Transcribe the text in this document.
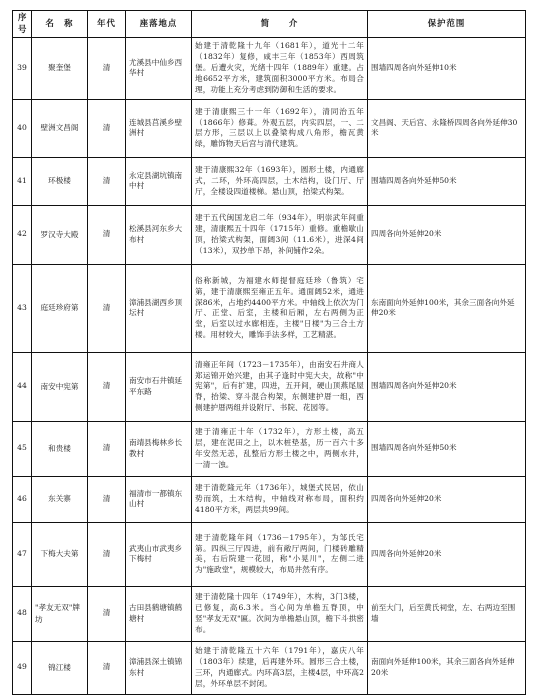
序号	名　称	年代	座落地点	简　　介	保护范围
39	聚奎堡	清	尤溪县中仙乡西华村	始建于清乾隆十九年（1681年），道光十二年（1832年）复修，咸丰三年（1853年）西周筑堡。后遭火灾，光绪十四年（1889年）重建。占地6652平方米，建筑面积3000平方米。布局合理，功能上充分考虑到防御和生活的要求。	围墙四周各向外延伸10米
40	壁洲文昌阁	清	连城县莒溪乡壁洲村	建于清康熙三十一年（1692年），清同治五年（1866年）修葺。外观五层，内实四层，一、二层方形，三层以上以叠梁构成八角形，檐瓦黄绿，雕饰物天后宫与清代建筑。	文昌阁、天后宫、永隆桥四周各向外延伸30米
41	环极楼	清	永定县湖坑镇南中村	建于清康熙32年（1693年），圆形土楼，内通廊式，二环，外环高四层，土木结构，设门厅、厅厅，全楼设四道楼梯。悬山顶，抬梁式构架。	围墙四周各向外延伸50米
42	罗汉寺大殿	清	松溪县河东乡大布村	建于五代闽国龙启二年（934年），明崇武年间重建，清康熙五十四年（1715年）重修。重檐歇山顶，抬梁式构架，面阔3间（11.6米），进深4间（13米），双抄单下昂，补间铺作2朵。	四周各向外延伸20米
43	庭廷珍府第	清	漳浦县湖西乡顶坛村	俗称新城，为福建水师提督庭廷珍（鲁筑）宅第，建于清康熙至雍正五年。通面阔52米，通进深86米，占地约4400平方米。中轴线上依次为门厅、正堂、后室，主楼和后厢，左右两侧为正堂，后室以过水廊相连，主楼"日楼"为三合土方楼。用材较大，雕饰手法多样，工艺精湛。	东南面向外延伸100米，其余三面各向外延伸20米
44	南安中宪第	清	南安市石井镇延平东路	清雍正年间（1723－1735年），由南安石井商人郑运锦开始兴建，由其子逢时中宪大夫，故称"中宪第"，后有扩建，四进，五开间，硬山顶燕尾屋脊，抬梁、穿斗混合构架，东侧建护厝一组，西侧建护厝两组并设附厅、书院、花园等。	围墙四周各向外延伸20米
45	和贵楼	清	南靖县梅林乡长教村	建于清雍正十年（1732年），方形土楼，高五层，建在泥田之上，以木桩垫基，历一百六十多年安然无恙，乱整后方形土楼之中，两侧水井，一清一浊。	围墙四周各向外延伸50米
46	东关寨	清	福清市一都镇东山村	建于清乾隆元年（1736年），城堡式民居，依山势而筑，土木结构，中轴线对称布局，面积约4180平方米，两层共99间。	四周各向外延伸20米
47	下梅大夫第	清	武夷山市武夷乡下梅村	建于清乾隆年间（1736－1795年），为邹氏宅第。四纵三厅四进，前有敞厅两间，门楼砖雕精美，右后院建一花园，称"小晃川"，左侧二进为"施政堂"，规模较大，布局井然有序。	四周各向外延伸20米
48	"孝友无双"牌坊	清	古田县鹤塘镇鹤塘村	建于清乾隆十四年（1749年），木构，3门3楼，已修复，高6.3米。当心间为单檐五脊顶，中竖"孝友无双"匾。次间为单檐悬山顶，檐下斗拱密布。	前至大门，后至黄氏祠堂，左、右两边至围墙
49	锦江楼	清	漳浦县深土镇锦东村	始建于清乾隆五十六年（1791年），嘉庆八年（1803年）续建，后再建外环。圆形三合土楼，三环，内通廊式。内环高3层，主楼4层，中环高2层，外环单层不封闭。	南面向外延伸100米，其余三面各向外延伸20米
